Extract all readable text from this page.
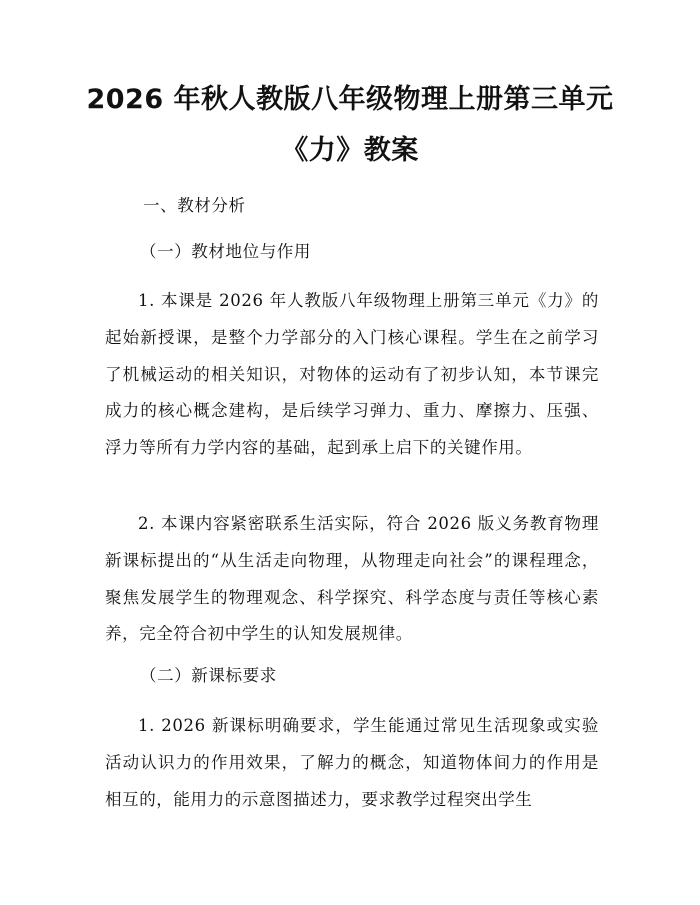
2026 年秋人教版八年级物理上册第三单元
《力》教案
一、教材分析
（一）教材地位与作用
1. 本课是 2026 年人教版八年级物理上册第三单元《力》的起始新授课，是整个力学部分的入门核心课程。学生在之前学习了机械运动的相关知识，对物体的运动有了初步认知，本节课完成力的核心概念建构，是后续学习弹力、重力、摩擦力、压强、浮力等所有力学内容的基础，起到承上启下的关键作用。
2. 本课内容紧密联系生活实际，符合 2026 版义务教育物理新课标提出的“从生活走向物理，从物理走向社会”的课程理念，聚焦发展学生的物理观念、科学探究、科学态度与责任等核心素养，完全符合初中学生的认知发展规律。
（二）新课标要求
1. 2026 新课标明确要求，学生能通过常见生活现象或实验活动认识力的作用效果，了解力的概念，知道物体间力的作用是相互的，能用力的示意图描述力，要求教学过程突出学生
